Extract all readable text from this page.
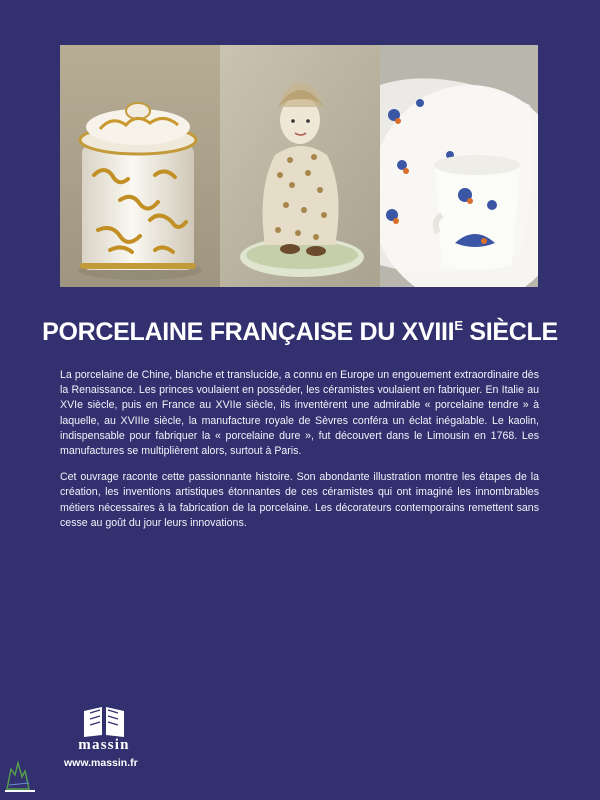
PORCELAINE FRANÇAISE DU $XVIII^E$ SIÈCLE

La porcelaine de Chine, blanche et translucide, a connu en Europe un engouement extraordinaire dès la Renaissance. Les princes voulaient en posséder, les céramistes voulaient en fabriquer. En Italie au XVIe siècle, puis en France au XVIIe siècle, ils inventèrent une admirable « porcelaine tendre » à laquelle, au XVIIIe siècle, la manufacture royale de Sèvres conféra un éclat inégalable. Le kaolin, indispensable pour fabriquer la « porcelaine dure », fut découvert dans le Limousin en 1768. Les manufactures se multiplièrent alors, surtout à Paris.

Cet ouvrage raconte cette passionnante histoire. Son abondante illustration montre les étapes de la création, les inventions artistiques étonnantes de ces céramistes qui ont imaginé les innombrables métiers nécessaires à la fabrication de la porcelaine. Les décorateurs contemporains remettent sans cesse au goût du jour leurs innovations.

massin
www.massin.fr
